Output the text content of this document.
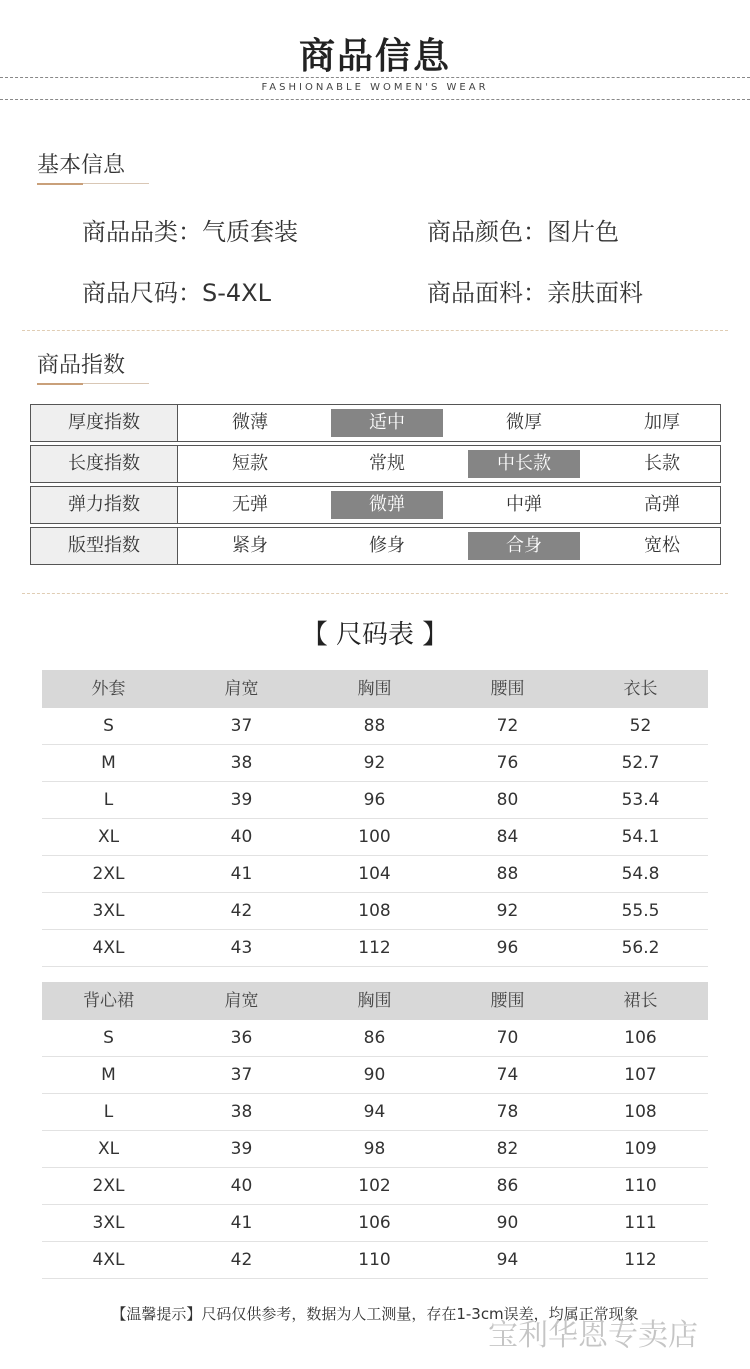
商品信息
FASHIONABLE WOMEN'S WEAR
基本信息
商品品类：气质套装	商品颜色：图片色
商品尺码：S-4XL	商品面料：亲肤面料
商品指数
厚度指数	微薄	适中	微厚	加厚
长度指数	短款	常规	中长款	长款
弹力指数	无弹	微弹	中弹	高弹
版型指数	紧身	修身	合身	宽松
【 尺码表 】
外套	肩宽	胸围	腰围	衣长
S	37	88	72	52
M	38	92	76	52.7
L	39	96	80	53.4
XL	40	100	84	54.1
2XL	41	104	88	54.8
3XL	42	108	92	55.5
4XL	43	112	96	56.2
背心裙	肩宽	胸围	腰围	裙长
S	36	86	70	106
M	37	90	74	107
L	38	94	78	108
XL	39	98	82	109
2XL	40	102	86	110
3XL	41	106	90	111
4XL	42	110	94	112
【温馨提示】尺码仅供参考，数据为人工测量，存在1-3cm误差，均属正常现象
宝利华恩专卖店
